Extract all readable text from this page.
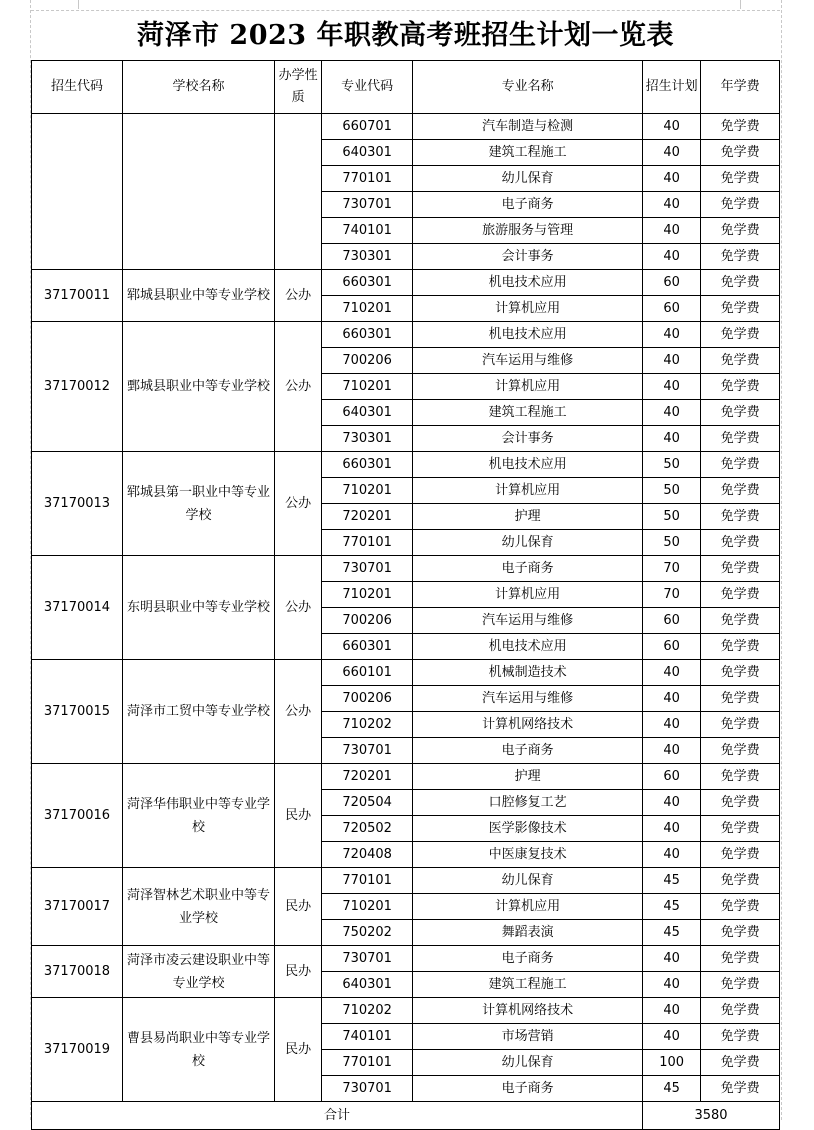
菏泽市 2023 年职教高考班招生计划一览表
招生代码	学校名称	办学性质	专业代码	专业名称	招生计划	年学费
			660701	汽车制造与检测	40	免学费
			640301	建筑工程施工	40	免学费
			770101	幼儿保育	40	免学费
			730701	电子商务	40	免学费
			740101	旅游服务与管理	40	免学费
			730301	会计事务	40	免学费
37170011	郓城县职业中等专业学校	公办	660301	机电技术应用	60	免学费
			710201	计算机应用	60	免学费
37170012	鄄城县职业中等专业学校	公办	660301	机电技术应用	40	免学费
			700206	汽车运用与维修	40	免学费
			710201	计算机应用	40	免学费
			640301	建筑工程施工	40	免学费
			730301	会计事务	40	免学费
37170013	郓城县第一职业中等专业学校	公办	660301	机电技术应用	50	免学费
			710201	计算机应用	50	免学费
			720201	护理	50	免学费
			770101	幼儿保育	50	免学费
37170014	东明县职业中等专业学校	公办	730701	电子商务	70	免学费
			710201	计算机应用	70	免学费
			700206	汽车运用与维修	60	免学费
			660301	机电技术应用	60	免学费
37170015	菏泽市工贸中等专业学校	公办	660101	机械制造技术	40	免学费
			700206	汽车运用与维修	40	免学费
			710202	计算机网络技术	40	免学费
			730701	电子商务	40	免学费
37170016	菏泽华伟职业中等专业学校	民办	720201	护理	60	免学费
			720504	口腔修复工艺	40	免学费
			720502	医学影像技术	40	免学费
			720408	中医康复技术	40	免学费
37170017	菏泽智林艺术职业中等专业学校	民办	770101	幼儿保育	45	免学费
			710201	计算机应用	45	免学费
			750202	舞蹈表演	45	免学费
37170018	菏泽市凌云建设职业中等专业学校	民办	730701	电子商务	40	免学费
			640301	建筑工程施工	40	免学费
37170019	曹县易尚职业中等专业学校	民办	710202	计算机网络技术	40	免学费
			740101	市场营销	40	免学费
			770101	幼儿保育	100	免学费
			730701	电子商务	45	免学费
合计					3580	
